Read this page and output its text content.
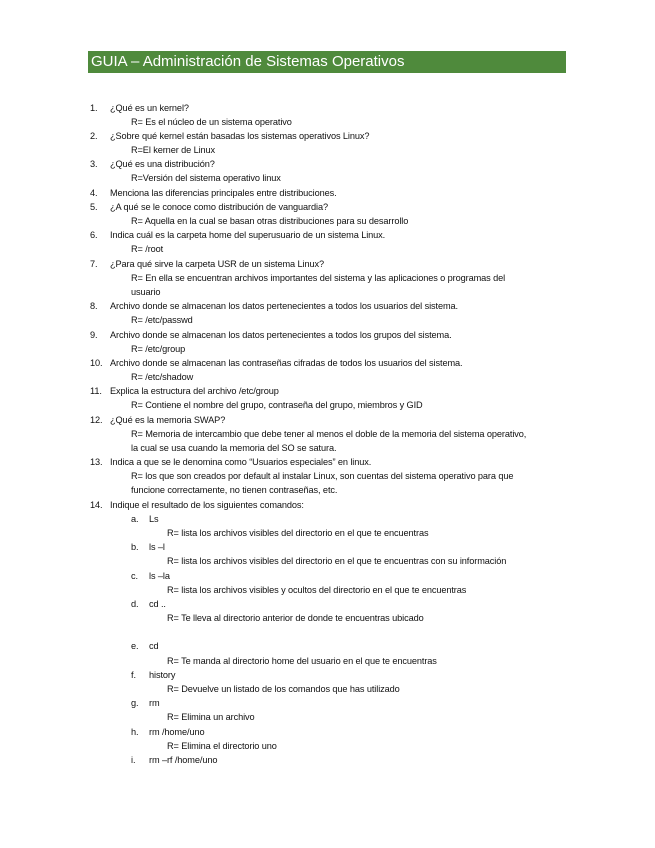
GUIA – Administración de Sistemas Operativos
1. ¿Qué es un kernel?
R= Es el núcleo de un sistema operativo
2. ¿Sobre qué kernel están basadas los sistemas operativos Linux?
R=El kerner de Linux
3. ¿Qué es una distribución?
R=Versión del sistema operativo linux
4. Menciona las diferencias principales entre distribuciones.
5. ¿A qué se le conoce como distribución de vanguardia?
R= Aquella en la cual se basan otras distribuciones para su desarrollo
6. Indica cuál es la carpeta home del superusuario de un sistema Linux.
R= /root
7. ¿Para qué sirve la carpeta USR de un sistema Linux?
R= En ella se encuentran archivos importantes del sistema y las aplicaciones o programas del
usuario
8. Archivo donde se almacenan los datos pertenecientes a todos los usuarios del sistema.
R= /etc/passwd
9. Archivo donde se almacenan los datos pertenecientes a todos los grupos del sistema.
R= /etc/group
10. Archivo donde se almacenan las contraseñas cifradas de todos los usuarios del sistema.
R= /etc/shadow
11. Explica la estructura del archivo /etc/group
R= Contiene el nombre del grupo, contraseña del grupo, miembros y GID
12. ¿Qué es la memoria SWAP?
R= Memoria de intercambio que debe tener al menos el doble de la memoria del sistema operativo,
la cual se usa cuando la memoria del SO se satura.
13. Indica a que se le denomina como “Usuarios especiales” en linux.
R= los que son creados por default al instalar Linux, son cuentas del sistema operativo para que
funcione correctamente, no tienen contraseñas, etc.
14. Indique el resultado de los siguientes comandos:
a. Ls
R= lista los archivos visibles del directorio en el que te encuentras
b. ls –l
R= lista los archivos visibles del directorio en el que te encuentras con su información
c. ls –la
R= lista los archivos visibles y ocultos del directorio en el que te encuentras
d. cd ..
R= Te lleva al directorio anterior de donde te encuentras ubicado
e. cd
R= Te manda al directorio home del usuario en el que te encuentras
f. history
R= Devuelve un listado de los comandos que has utilizado
g. rm
R= Elimina un archivo
h. rm /home/uno
R= Elimina el directorio uno
i. rm –rf /home/uno
